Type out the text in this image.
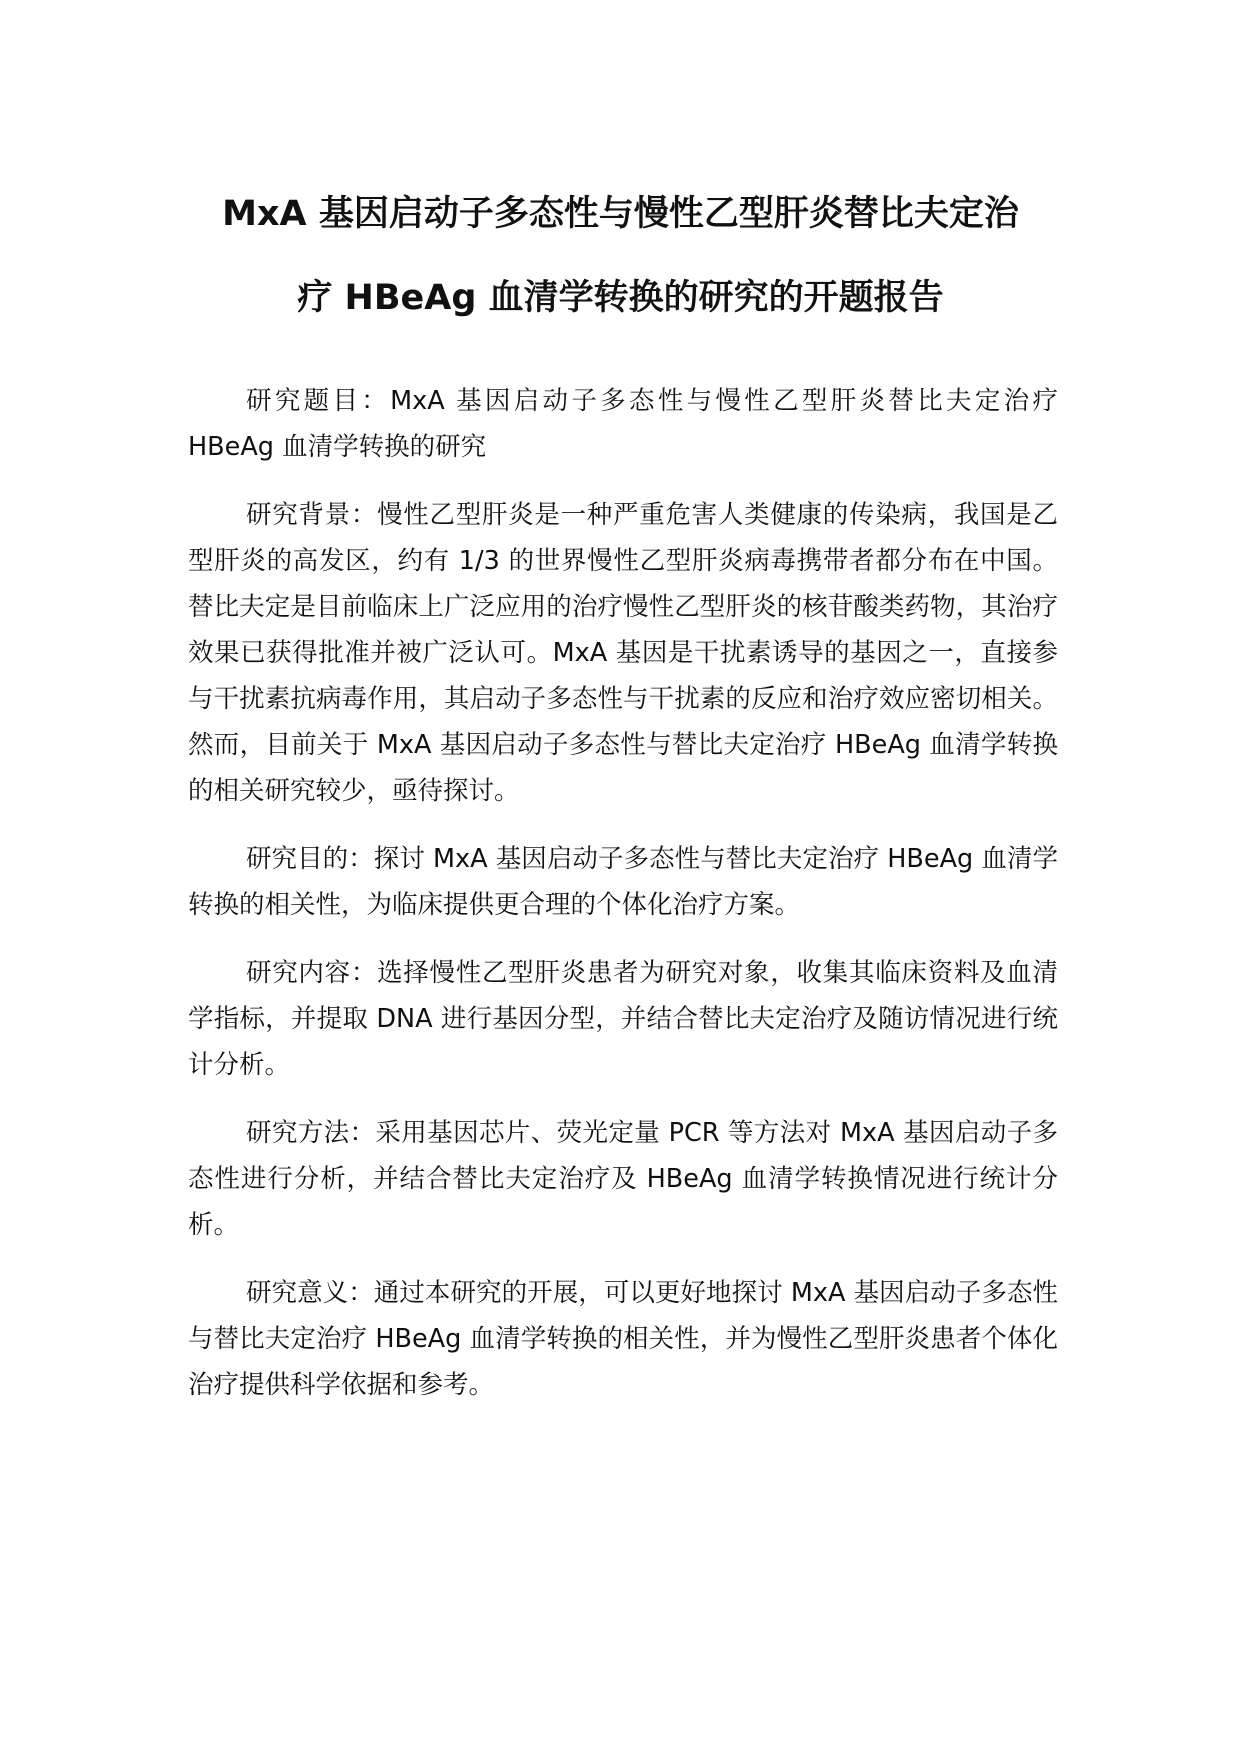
MxA 基因启动子多态性与慢性乙型肝炎替比夫定治
疗 HBeAg 血清学转换的研究的开题报告

研究题目：MxA 基因启动子多态性与慢性乙型肝炎替比夫定治疗 HBeAg 血清学转换的研究

研究背景：慢性乙型肝炎是一种严重危害人类健康的传染病，我国是乙型肝炎的高发区，约有 1/3 的世界慢性乙型肝炎病毒携带者都分布在中国。替比夫定是目前临床上广泛应用的治疗慢性乙型肝炎的核苷酸类药物，其治疗效果已获得批准并被广泛认可。MxA 基因是干扰素诱导的基因之一，直接参与干扰素抗病毒作用，其启动子多态性与干扰素的反应和治疗效应密切相关。然而，目前关于 MxA 基因启动子多态性与替比夫定治疗 HBeAg 血清学转换的相关研究较少，亟待探讨。

研究目的：探讨 MxA 基因启动子多态性与替比夫定治疗 HBeAg 血清学转换的相关性，为临床提供更合理的个体化治疗方案。

研究内容：选择慢性乙型肝炎患者为研究对象，收集其临床资料及血清学指标，并提取 DNA 进行基因分型，并结合替比夫定治疗及随访情况进行统计分析。

研究方法：采用基因芯片、荧光定量 PCR 等方法对 MxA 基因启动子多态性进行分析，并结合替比夫定治疗及 HBeAg 血清学转换情况进行统计分析。

研究意义：通过本研究的开展，可以更好地探讨 MxA 基因启动子多态性与替比夫定治疗 HBeAg 血清学转换的相关性，并为慢性乙型肝炎患者个体化治疗提供科学依据和参考。
